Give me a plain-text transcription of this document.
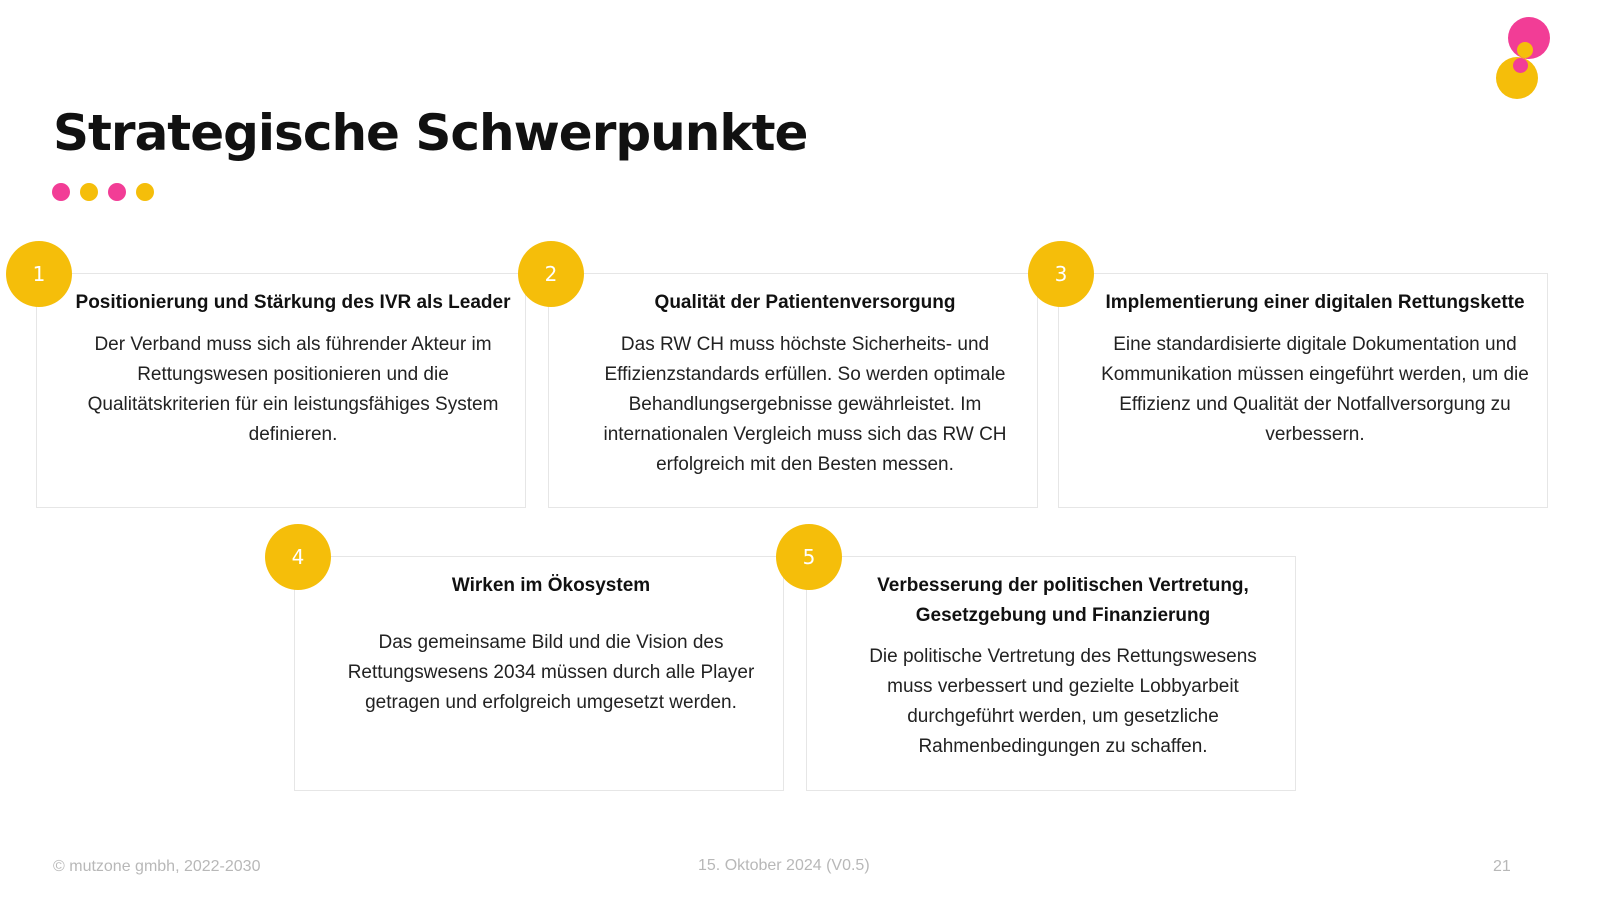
Strategische Schwerpunkte

Positionierung und Stärkung des IVR als Leader

Der Verband muss sich als führender Akteur im Rettungswesen positionieren und die Qualitätskriterien für ein leistungsfähiges System definieren.

1

Qualität der Patientenversorgung

Das RW CH muss höchste Sicherheits- und Effizienzstandards erfüllen. So werden optimale Behandlungsergebnisse gewährleistet. Im internationalen Vergleich muss sich das RW CH erfolgreich mit den Besten messen.

2

Implementierung einer digitalen Rettungskette

Eine standardisierte digitale Dokumentation und Kommunikation müssen eingeführt werden, um die Effizienz und Qualität der Notfallversorgung zu verbessern.

3

Wirken im Ökosystem

Das gemeinsame Bild und die Vision des Rettungswesens 2034 müssen durch alle Player getragen und erfolgreich umgesetzt werden.

4

Verbesserung der politischen Vertretung, Gesetzgebung und Finanzierung

Die politische Vertretung des Rettungswesens muss verbessert und gezielte Lobbyarbeit durchgeführt werden, um gesetzliche Rahmenbedingungen zu schaffen.

5
© mutzone gmbh, 2022-2030	15. Oktober 2024 (V0.5)	21
